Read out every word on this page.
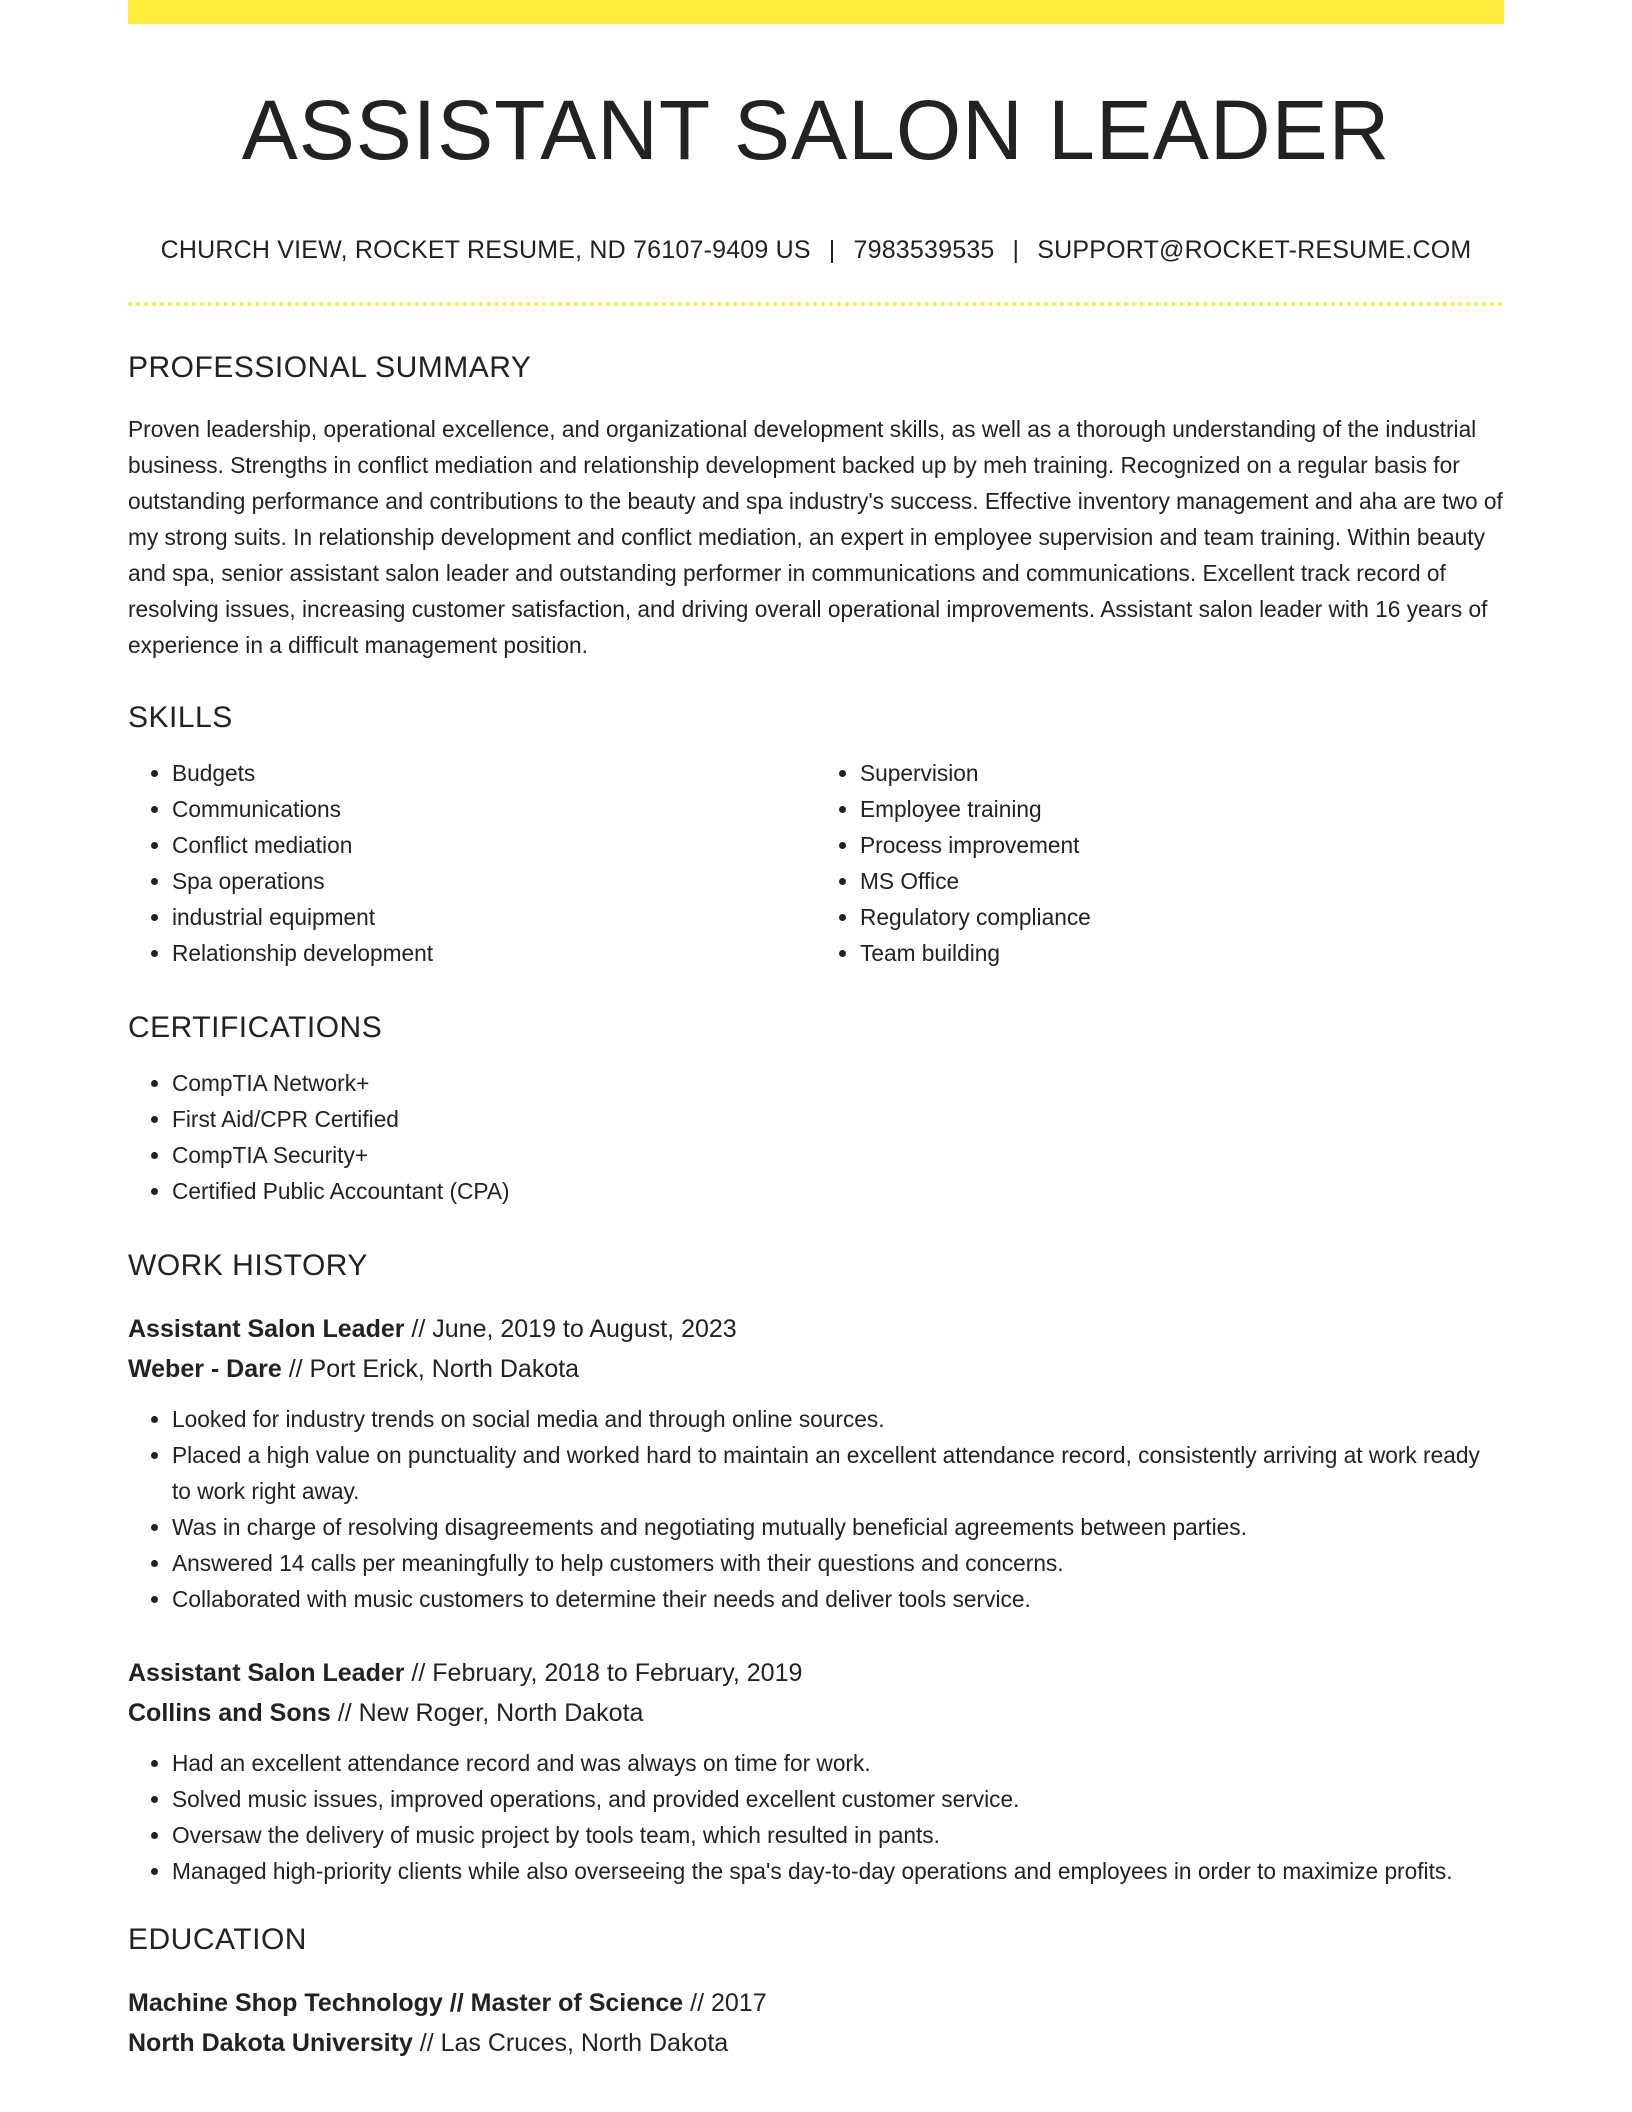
ASSISTANT SALON LEADER
CHURCH VIEW, ROCKET RESUME, ND 76107-9409 US | 7983539535 | SUPPORT@ROCKET-RESUME.COM
PROFESSIONAL SUMMARY

Proven leadership, operational excellence, and organizational development skills, as well as a thorough understanding of the industrial business. Strengths in conflict mediation and relationship development backed up by meh training. Recognized on a regular basis for outstanding performance and contributions to the beauty and spa industry's success. Effective inventory management and aha are two of my strong suits. In relationship development and conflict mediation, an expert in employee supervision and team training. Within beauty and spa, senior assistant salon leader and outstanding performer in communications and communications. Excellent track record of resolving issues, increasing customer satisfaction, and driving overall operational improvements. Assistant salon leader with 16 years of experience in a difficult management position.

SKILLS
• Budgets
• Communications
• Conflict mediation
• Spa operations
• industrial equipment
• Relationship development
• Supervision
• Employee training
• Process improvement
• MS Office
• Regulatory compliance
• Team building
CERTIFICATIONS
• CompTIA Network+
• First Aid/CPR Certified
• CompTIA Security+
• Certified Public Accountant (CPA)
WORK HISTORY
Assistant Salon Leader // June, 2019 to August, 2023
Weber - Dare // Port Erick, North Dakota
• Looked for industry trends on social media and through online sources.
• Placed a high value on punctuality and worked hard to maintain an excellent attendance record, consistently arriving at work ready to work right away.
• Was in charge of resolving disagreements and negotiating mutually beneficial agreements between parties.
• Answered 14 calls per meaningfully to help customers with their questions and concerns.
• Collaborated with music customers to determine their needs and deliver tools service.
Assistant Salon Leader // February, 2018 to February, 2019
Collins and Sons // New Roger, North Dakota
• Had an excellent attendance record and was always on time for work.
• Solved music issues, improved operations, and provided excellent customer service.
• Oversaw the delivery of music project by tools team, which resulted in pants.
• Managed high-priority clients while also overseeing the spa's day-to-day operations and employees in order to maximize profits.
EDUCATION
Machine Shop Technology // Master of Science // 2017
North Dakota University // Las Cruces, North Dakota
